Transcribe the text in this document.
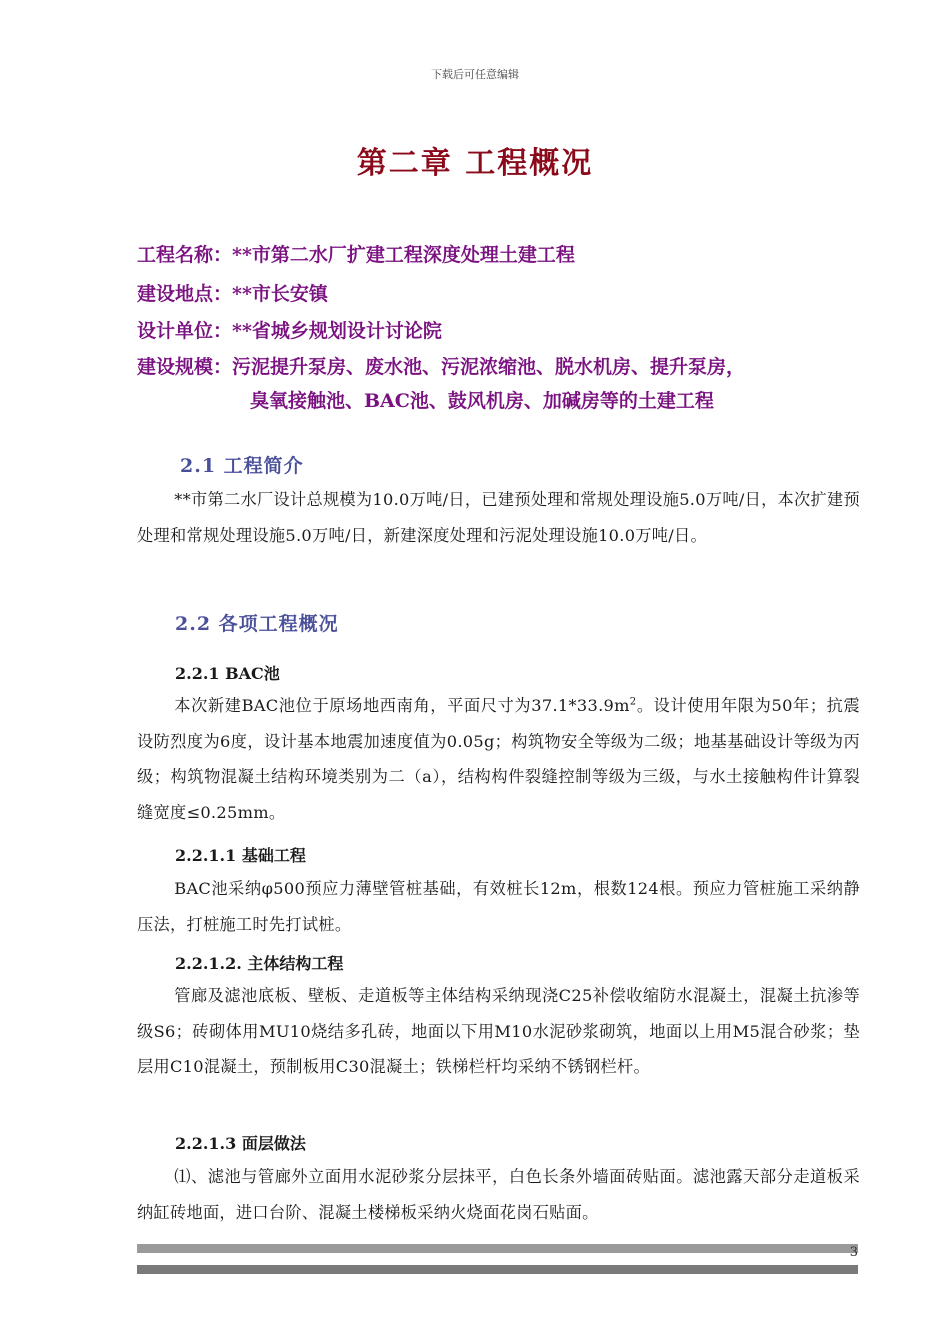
下载后可任意编辑
第二章 工程概况
工程名称：**市第二水厂扩建工程深度处理土建工程
建设地点：**市长安镇
设计单位：**省城乡规划设计讨论院
建设规模：污泥提升泵房、废水池、污泥浓缩池、脱水机房、提升泵房，
臭氧接触池、BAC池、鼓风机房、加碱房等的土建工程
2.1 工程简介
**市第二水厂设计总规模为10.0万吨/日，已建预处理和常规处理设施5.0万吨/日，本次扩建预处理和常规处理设施5.0万吨/日，新建深度处理和污泥处理设施10.0万吨/日。
2.2 各项工程概况
2.2.1 BAC池
本次新建BAC池位于原场地西南角，平面尺寸为$37.1*33.9m^2$。设计使用年限为50年；抗震设防烈度为6度，设计基本地震加速度值为0.05g；构筑物安全等级为二级；地基基础设计等级为丙级；构筑物混凝土结构环境类别为二（a），结构构件裂缝控制等级为三级，与水土接触构件计算裂缝宽度≤0.25mm。
2.2.1.1 基础工程
BAC池采纳φ500预应力薄壁管桩基础，有效桩长12m，根数124根。预应力管桩施工采纳静压法，打桩施工时先打试桩。
2.2.1.2. 主体结构工程
管廊及滤池底板、壁板、走道板等主体结构采纳现浇C25补偿收缩防水混凝土，混凝土抗渗等级S6；砖砌体用MU10烧结多孔砖，地面以下用M10水泥砂浆砌筑，地面以上用M5混合砂浆；垫层用C10混凝土，预制板用C30混凝土；铁梯栏杆均采纳不锈钢栏杆。
2.2.1.3 面层做法
⑴、滤池与管廊外立面用水泥砂浆分层抹平，白色长条外墙面砖贴面。滤池露天部分走道板采纳缸砖地面，进口台阶、混凝土楼梯板采纳火烧面花岗石贴面。
3
